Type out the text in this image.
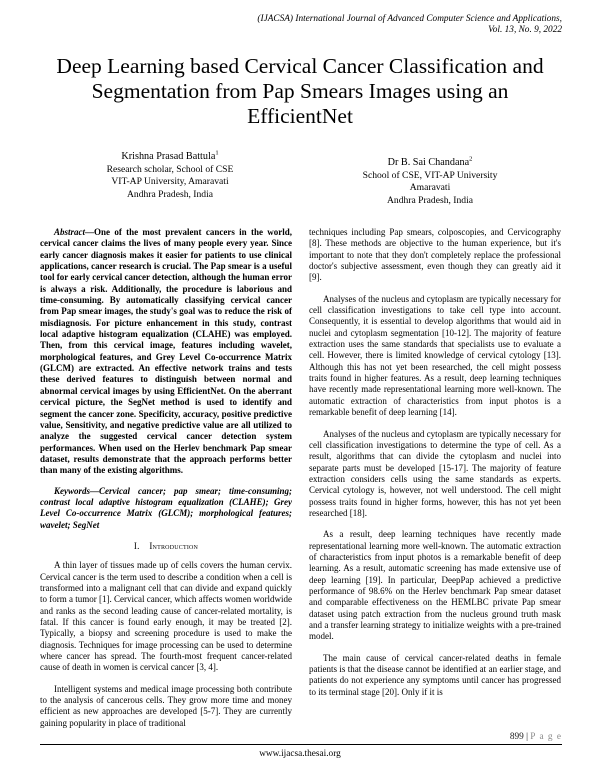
(IJACSA) International Journal of Advanced Computer Science and Applications,
Vol. 13, No. 9, 2022
Deep Learning based Cervical Cancer Classification and Segmentation from Pap Smears Images using an EfficientNet
Krishna Prasad Battula$^1$
Research scholar, School of CSE
VIT-AP University, Amaravati
Andhra Pradesh, India
Dr B. Sai Chandana$^2$
School of CSE, VIT-AP University
Amaravati
Andhra Pradesh, India

Abstract—One of the most prevalent cancers in the world, cervical cancer claims the lives of many people every year. Since early cancer diagnosis makes it easier for patients to use clinical applications, cancer research is crucial. The Pap smear is a useful tool for early cervical cancer detection, although the human error is always a risk. Additionally, the procedure is laborious and time-consuming. By automatically classifying cervical cancer from Pap smear images, the study's goal was to reduce the risk of misdiagnosis. For picture enhancement in this study, contrast local adaptive histogram equalization (CLAHE) was employed. Then, from this cervical image, features including wavelet, morphological features, and Grey Level Co-occurrence Matrix (GLCM) are extracted. An effective network trains and tests these derived features to distinguish between normal and abnormal cervical images by using EfficientNet. On the aberrant cervical picture, the SegNet method is used to identify and segment the cancer zone. Specificity, accuracy, positive predictive value, Sensitivity, and negative predictive value are all utilized to analyze the suggested cervical cancer detection system performances. When used on the Herlev benchmark Pap smear dataset, results demonstrate that the approach performs better than many of the existing algorithms.

Keywords—Cervical cancer; pap smear; time-consuming; contrast local adaptive histogram equalization (CLAHE); Grey Level Co-occurrence Matrix (GLCM); morphological features; wavelet; SegNet

I. Introduction

A thin layer of tissues made up of cells covers the human cervix. Cervical cancer is the term used to describe a condition when a cell is transformed into a malignant cell that can divide and expand quickly to form a tumor [1]. Cervical cancer, which affects women worldwide and ranks as the second leading cause of cancer-related mortality, is fatal. If this cancer is found early enough, it may be treated [2]. Typically, a biopsy and screening procedure is used to make the diagnosis. Techniques for image processing can be used to determine where cancer has spread. The fourth-most frequent cancer-related cause of death in women is cervical cancer [3, 4].

Intelligent systems and medical image processing both contribute to the analysis of cancerous cells. They grow more time and money efficient as new approaches are developed [5-7]. They are currently gaining popularity in place of traditional

techniques including Pap smears, colposcopies, and Cervicography [8]. These methods are objective to the human experience, but it's important to note that they don't completely replace the professional doctor's subjective assessment, even though they can greatly aid it [9].

Analyses of the nucleus and cytoplasm are typically necessary for cell classification investigations to take cell type into account. Consequently, it is essential to develop algorithms that would aid in nuclei and cytoplasm segmentation [10-12]. The majority of feature extraction uses the same standards that specialists use to evaluate a cell. However, there is limited knowledge of cervical cytology [13]. Although this has not yet been researched, the cell might possess traits found in higher features. As a result, deep learning techniques have recently made representational learning more well-known. The automatic extraction of characteristics from input photos is a remarkable benefit of deep learning [14].

Analyses of the nucleus and cytoplasm are typically necessary for cell classification investigations to determine the type of cell. As a result, algorithms that can divide the cytoplasm and nuclei into separate parts must be developed [15-17]. The majority of feature extraction considers cells using the same standards as experts. Cervical cytology is, however, not well understood. The cell might possess traits found in higher forms, however, this has not yet been researched [18].

As a result, deep learning techniques have recently made representational learning more well-known. The automatic extraction of characteristics from input photos is a remarkable benefit of deep learning. As a result, automatic screening has made extensive use of deep learning [19]. In particular, DeepPap achieved a predictive performance of 98.6% on the Herlev benchmark Pap smear dataset and comparable effectiveness on the HEMLBC private Pap smear dataset using patch extraction from the nucleus ground truth mask and a transfer learning strategy to initialize weights with a pre-trained model.

The main cause of cervical cancer-related deaths in female patients is that the disease cannot be identified at an earlier stage, and patients do not experience any symptoms until cancer has progressed to its terminal stage [20]. Only if it is

899 | P a g e
www.ijacsa.thesai.org
